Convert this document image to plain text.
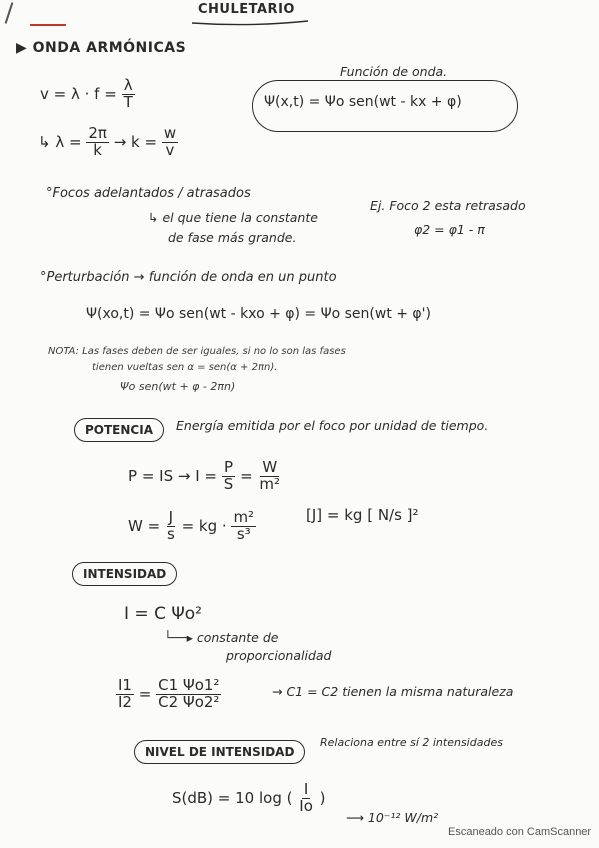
CHULETARIO
▶ ONDA ARMÓNICAS
$v = \lambda \cdot f = \frac{\lambda}{T}$
↳ $\lambda = \frac{2\pi}{k} \to k = \frac{w}{v}$
Función de onda.
Ψ(x,t) = Ψo sen(wt - kx + φ)
°Focos adelantados / atrasados
↳ el que tiene la constante
de fase más grande.
Ej. Foco 2 esta retrasado
φ2 = φ1 - π
°Perturbación → función de onda en un punto
Ψ(xo,t) = Ψo sen(wt - kxo + φ) = Ψo sen(wt + φ')
NOTA: Las fases deben de ser iguales, si no lo son las fases
tienen vueltas sen α = sen(α + 2πn).
Ψo sen(wt + φ - 2πn)
POTENCIA	Energía emitida por el foco por unidad de tiempo.
P = IS → $I = \frac{P}{S} = \frac{W}{\text{m²}}$
$W = \frac{J}{s}$ = kg · $\frac{\text{m²}}{\text{s³}}$	[J] = kg [ N/s ]²
INTENSIDAD
I = C Ψo²
└──▸ constante de
proporcionalidad
$\frac{I1}{I2} = \frac{\text{C1 Ψo1²}}{\text{C2 Ψo2²}}$	→ C1 = C2 tienen la misma naturaleza
NIVEL DE INTENSIDAD
Relaciona entre sí 2 intensidades
S(dB) = 10 log ( $\frac{I}{Io}$ )
⟶ 10⁻¹² W/m²
Escaneado con CamScanner
